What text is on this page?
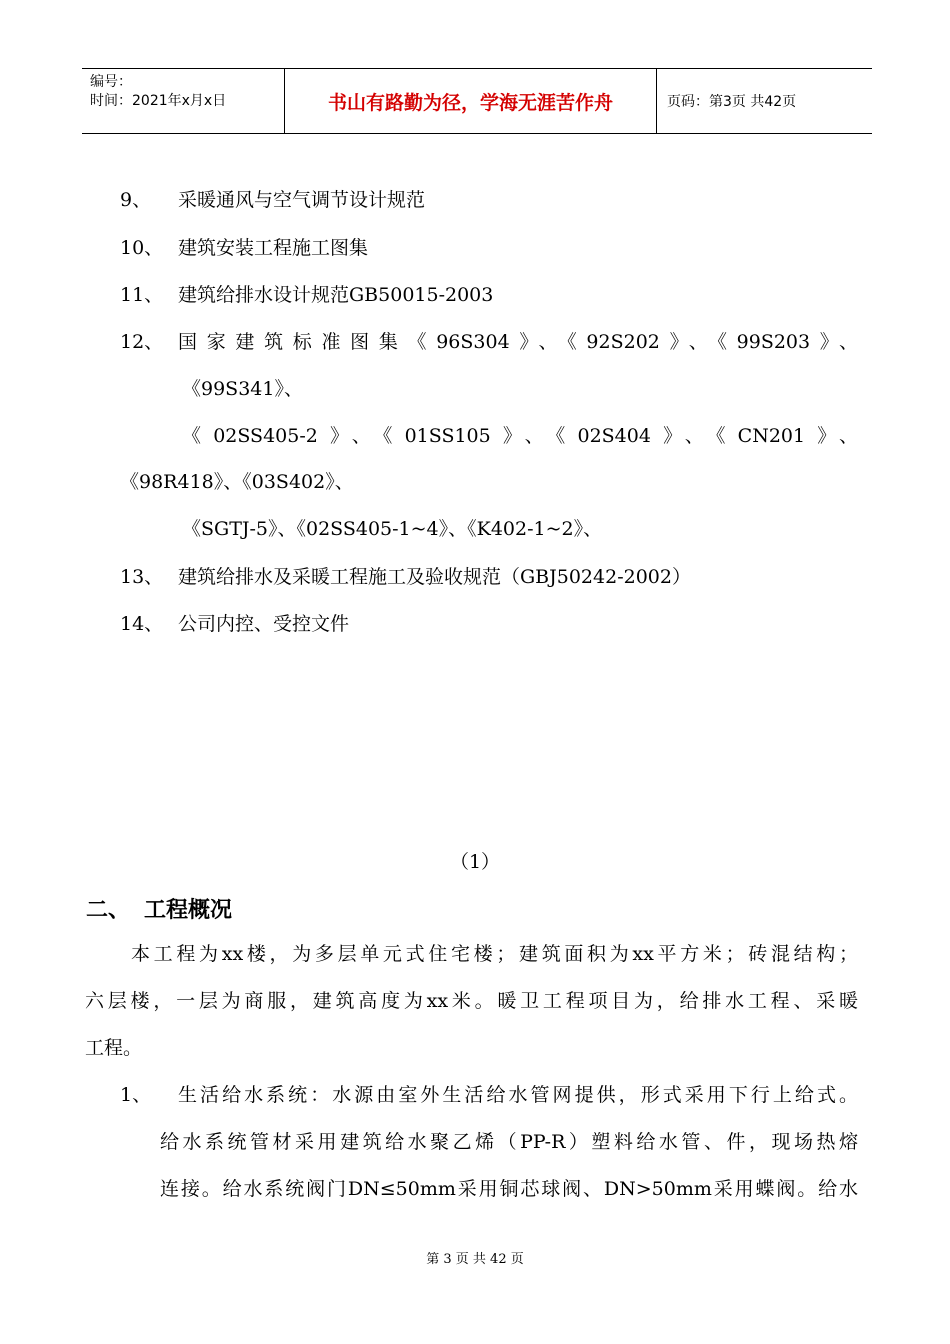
编号：
时间：2021年x月x日	书山有路勤为径，学海无涯苦作舟	页码：第3页 共42页
9、 采暖通风与空气调节设计规范
10、 建筑安装工程施工图集
11、 建筑给排水设计规范GB50015-2003
12、 国家建筑标准图集《96S304》、《92S202》、《99S203》、
《99S341》、
《02SS405-2》、《01SS105》、《02S404》、《CN201》、
《98R418》、《03S402》、
《SGTJ-5》、《02SS405-1~4》、《K402-1~2》、
13、 建筑给排水及采暖工程施工及验收规范（GBJ50242-2002）
14、 公司内控、受控文件
（1）
二、 工程概况
本工程为xx楼，为多层单元式住宅楼；建筑面积为xx平方米；砖混结构；
六层楼，一层为商服，建筑高度为xx米。暖卫工程项目为，给排水工程、采暖
工程。
1、 生活给水系统：水源由室外生活给水管网提供，形式采用下行上给式。
给水系统管材采用建筑给水聚乙烯（PP-R）塑料给水管、件，现场热熔
连接。给水系统阀门DN≤50mm采用铜芯球阀、DN>50mm采用蝶阀。给水
第 3 页 共 42 页
